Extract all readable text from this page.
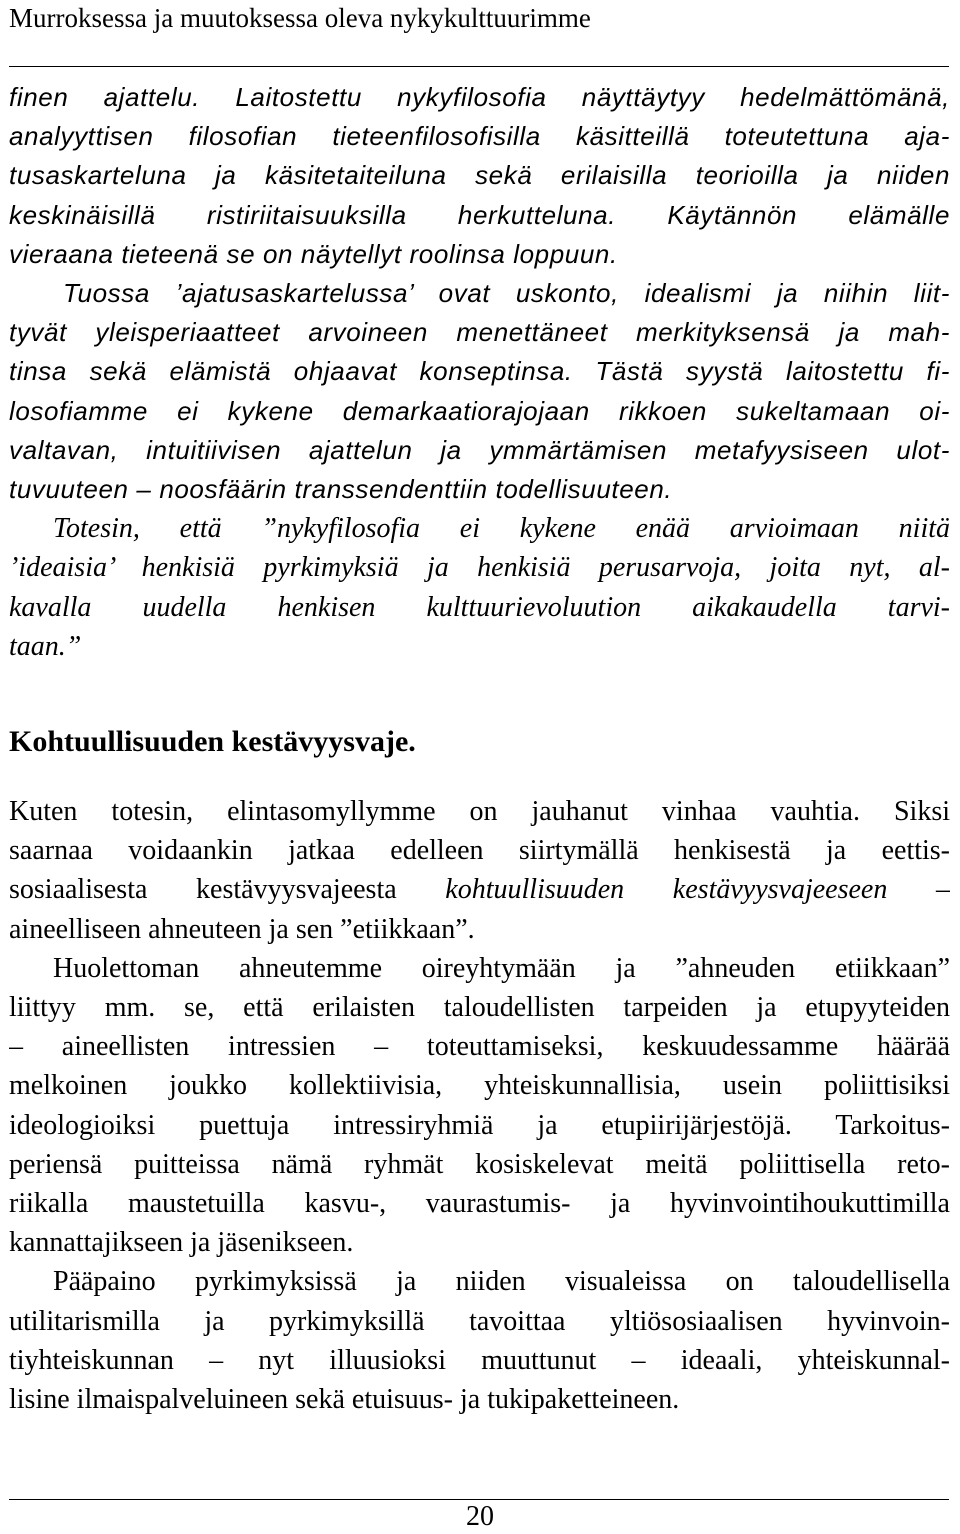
Murroksessa ja muutoksessa oleva nykykulttuurimme
finen ajattelu. Laitostettu nykyfilosofia näyttäytyy hedelmättömänä,
analyyttisen filosofian tieteenfilosofisilla käsitteillä toteutettuna aja-
tusaskarteluna ja käsitetaiteiluna sekä erilaisilla teorioilla ja niiden
keskinäisillä ristiriitaisuuksilla herkutteluna. Käytännön elämälle
vieraana tieteenä se on näytellyt roolinsa loppuun.
Tuossa ’ajatusaskartelussa’ ovat uskonto, idealismi ja niihin liit-
tyvät yleisperiaatteet arvoineen menettäneet merkityksensä ja mah-
tinsa sekä elämistä ohjaavat konseptinsa. Tästä syystä laitostettu fi-
losofiamme ei kykene demarkaatiorajojaan rikkoen sukeltamaan oi-
valtavan, intuitiivisen ajattelun ja ymmärtämisen metafyysiseen ulot-
tuvuuteen – noosfäärin transsendenttiin todellisuuteen.
Totesin, että ”nykyfilosofia ei kykene enää arvioimaan niitä
’ideaisia’ henkisiä pyrkimyksiä ja henkisiä perusarvoja, joita nyt, al-
kavalla uudella henkisen kulttuurievoluution aikakaudella tarvi-
taan.”
Kohtuullisuuden kestävyysvaje.
Kuten totesin, elintasomyllymme on jauhanut vinhaa vauhtia. Siksi
saarnaa voidaankin jatkaa edelleen siirtymällä henkisestä ja eettis-
sosiaalisesta kestävyysvajeesta kohtuullisuuden kestävyysvajeeseen –
aineelliseen ahneuteen ja sen ”etiikkaan”.
Huolettoman ahneutemme oireyhtymään ja ”ahneuden etiikkaan”
liittyy mm. se, että erilaisten taloudellisten tarpeiden ja etupyyteiden
– aineellisten intressien – toteuttamiseksi, keskuudessamme häärää
melkoinen joukko kollektiivisia, yhteiskunnallisia, usein poliittisiksi
ideologioiksi puettuja intressiryhmiä ja etupiirijärjestöjä. Tarkoitus-
periensä puitteissa nämä ryhmät kosiskelevat meitä poliittisella reto-
riikalla maustetuilla kasvu-, vaurastumis- ja hyvinvointihoukuttimilla
kannattajikseen ja jäsenikseen.
Pääpaino pyrkimyksissä ja niiden visualeissa on taloudellisella
utilitarismilla ja pyrkimyksillä tavoittaa yltiösosiaalisen hyvinvoin-
tiyhteiskunnan – nyt illuusioksi muuttunut – ideaali, yhteiskunnal-
lisine ilmaispalveluineen sekä etuisuus- ja tukipaketteineen.
20
